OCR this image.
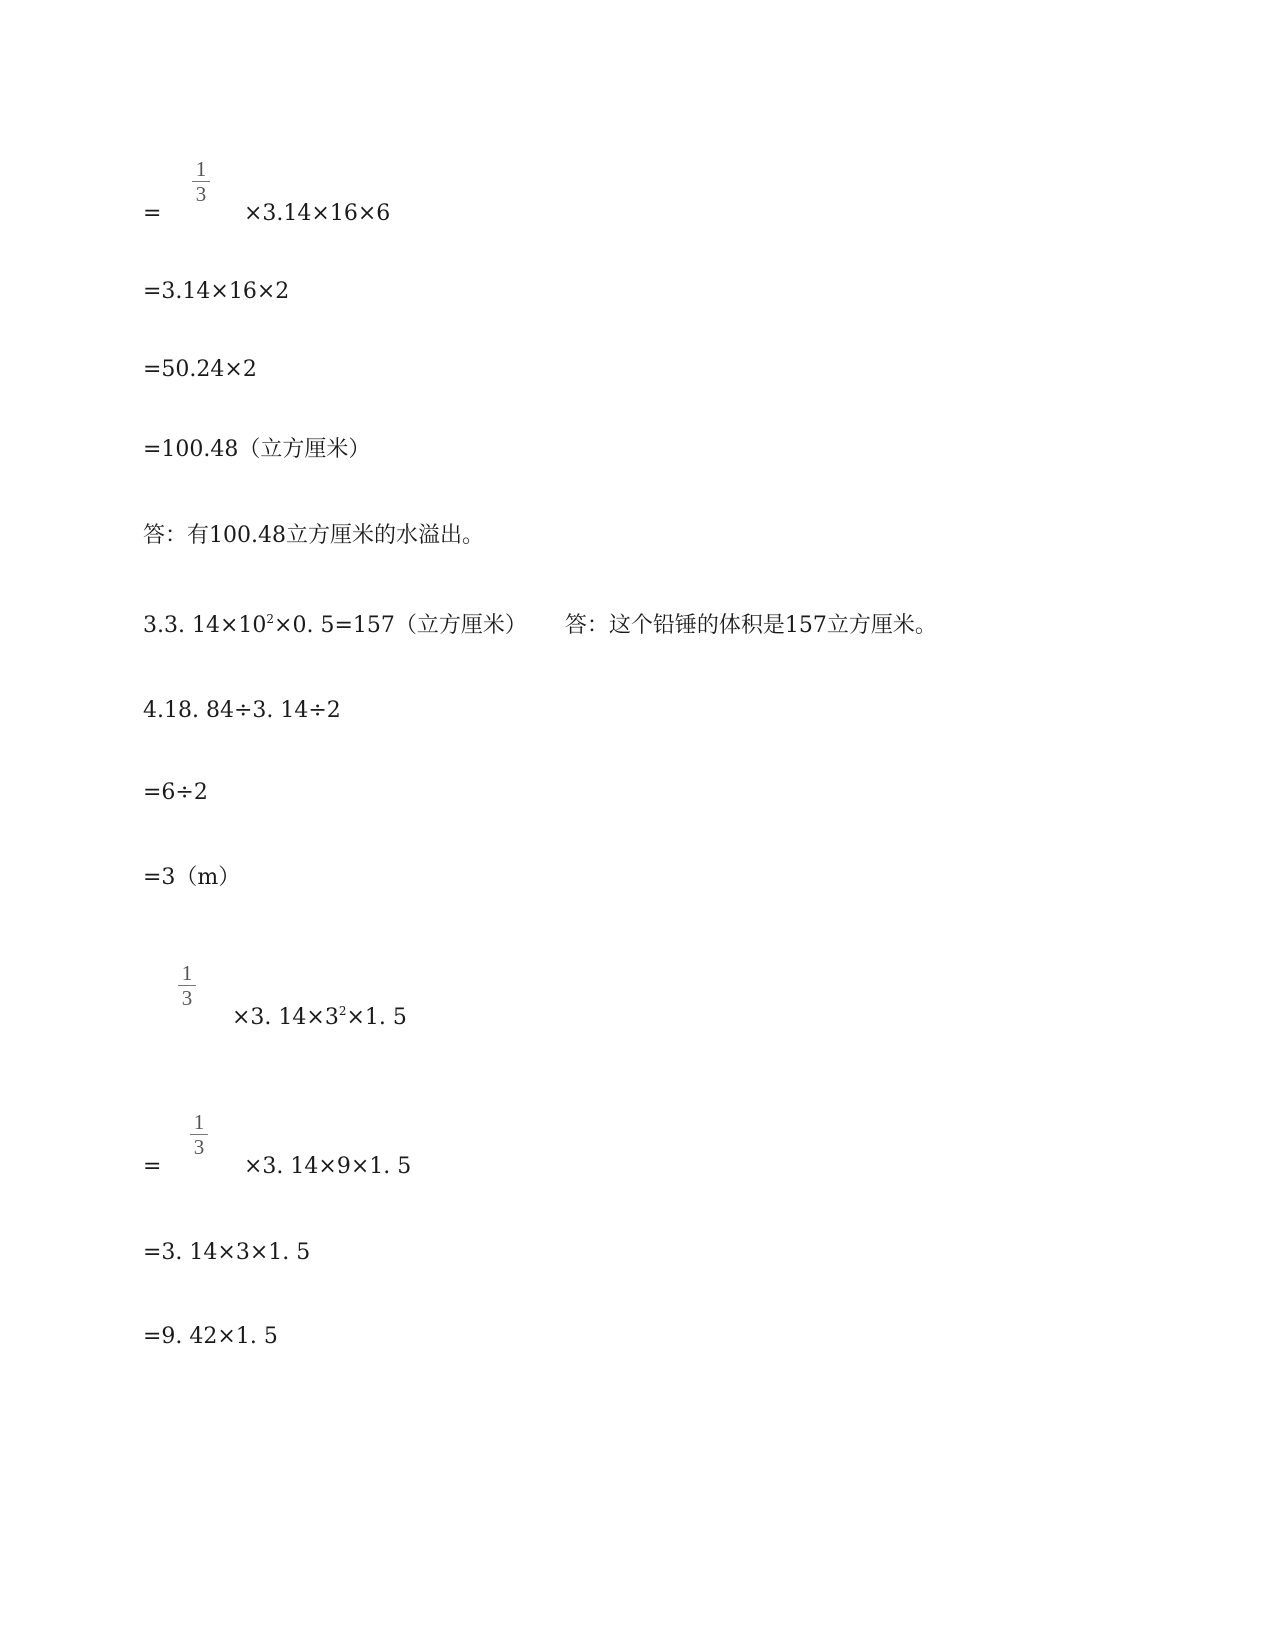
1
3
=	×3.14×16×6
=3.14×16×2
=50.24×2
=100.48（立方厘米）
答：有100.48立方厘米的水溢出。
3.3. $14\times 10^2\times 0$. 5=157（立方厘米） 答：这个铅锤的体积是157立方厘米。
4.18. 84÷3. 14÷2
=6÷2
=3（m）
1
3
×3. $14\times 3^2\times 1$. 5
1
3
=	×3. 14×9×1. 5
=3. 14×3×1. 5
=9. 42×1. 5
